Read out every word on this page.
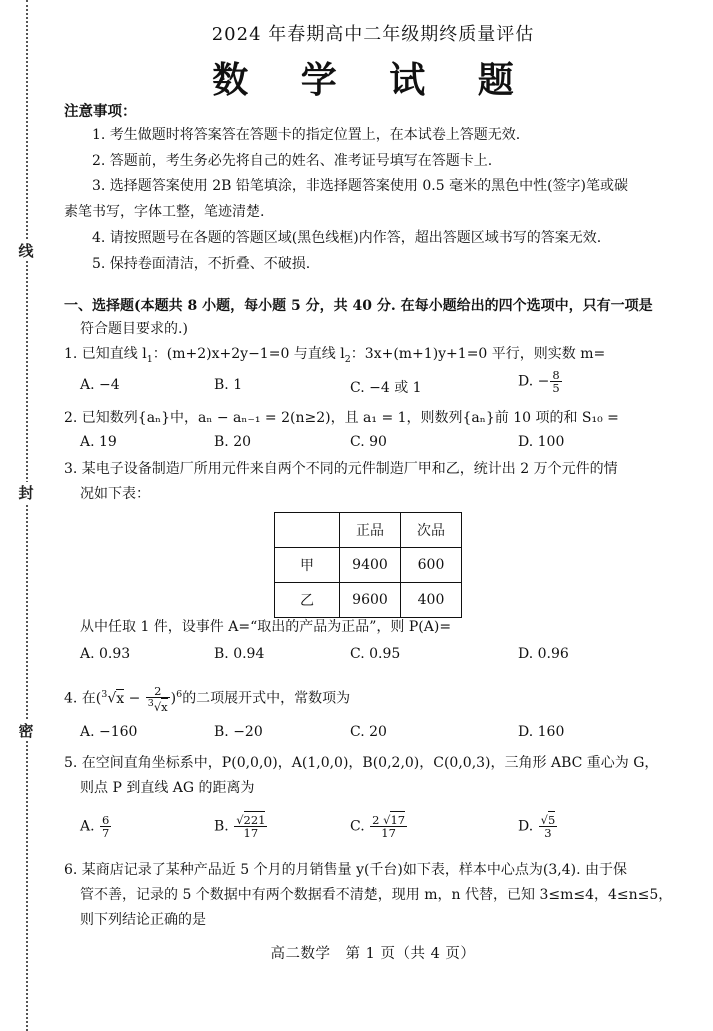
线
封
密
2024 年春期高中二年级期终质量评估
数 学 试 题
注意事项：
1. 考生做题时将答案答在答题卡的指定位置上，在本试卷上答题无效.
2. 答题前，考生务必先将自己的姓名、准考证号填写在答题卡上.
3. 选择题答案使用 2B 铅笔填涂，非选择题答案使用 0.5 毫米的黑色中性(签字)笔或碳
素笔书写，字体工整，笔迹清楚.
4. 请按照题号在各题的答题区域(黑色线框)内作答，超出答题区域书写的答案无效.
5. 保持卷面清洁，不折叠、不破损.
一、选择题(本题共 8 小题，每小题 5 分，共 40 分. 在每小题给出的四个选项中，只有一项是
符合题目要求的.)
1. 已知直线 $l_1$：(m+2)x+2y−1=0 与直线 $l_2$：3x+(m+1)y+1=0 平行，则实数 m=
A. −4	B. 1	C. −4 或 1	D. − $\frac{8}{5}$
2. 已知数列{aₙ}中，aₙ − aₙ₋₁ = 2(n≥2)，且 a₁ = 1，则数列{aₙ}前 10 项的和 S₁₀ =
A. 19	B. 20	C. 90	D. 100
3. 某电子设备制造厂所用元件来自两个不同的元件制造厂甲和乙，统计出 2 万个元件的情
况如下表：
	正品	次品
甲	9400	600
乙	9600	400
从中任取 1 件，设事件 A=“取出的产品为正品”，则 P(A)=
A. 0.93	B. 0.94	C. 0.95	D. 0.96
4. 在$(^3√x - \frac{2}{^3√x} )^6$的二项展开式中，常数项为
A. −160	B. −20	C. 20	D. 160
5. 在空间直角坐标系中，P(0,0,0)，A(1,0,0)，B(0,2,0)，C(0,0,3)，三角形 ABC 重心为 G，
则点 P 到直线 AG 的距离为
A. $\frac{6}{7}$	B. $\frac{√221}{17}$	C. $\frac{2 √17}{17}$	D. $\frac{√5}{3}$
6. 某商店记录了某种产品近 5 个月的月销售量 y(千台)如下表，样本中心点为(3,4). 由于保
管不善，记录的 5 个数据中有两个数据看不清楚，现用 m，n 代替，已知 3≤m≤4，4≤n≤5，
则下列结论正确的是
高二数学　第 1 页（共 4 页）
